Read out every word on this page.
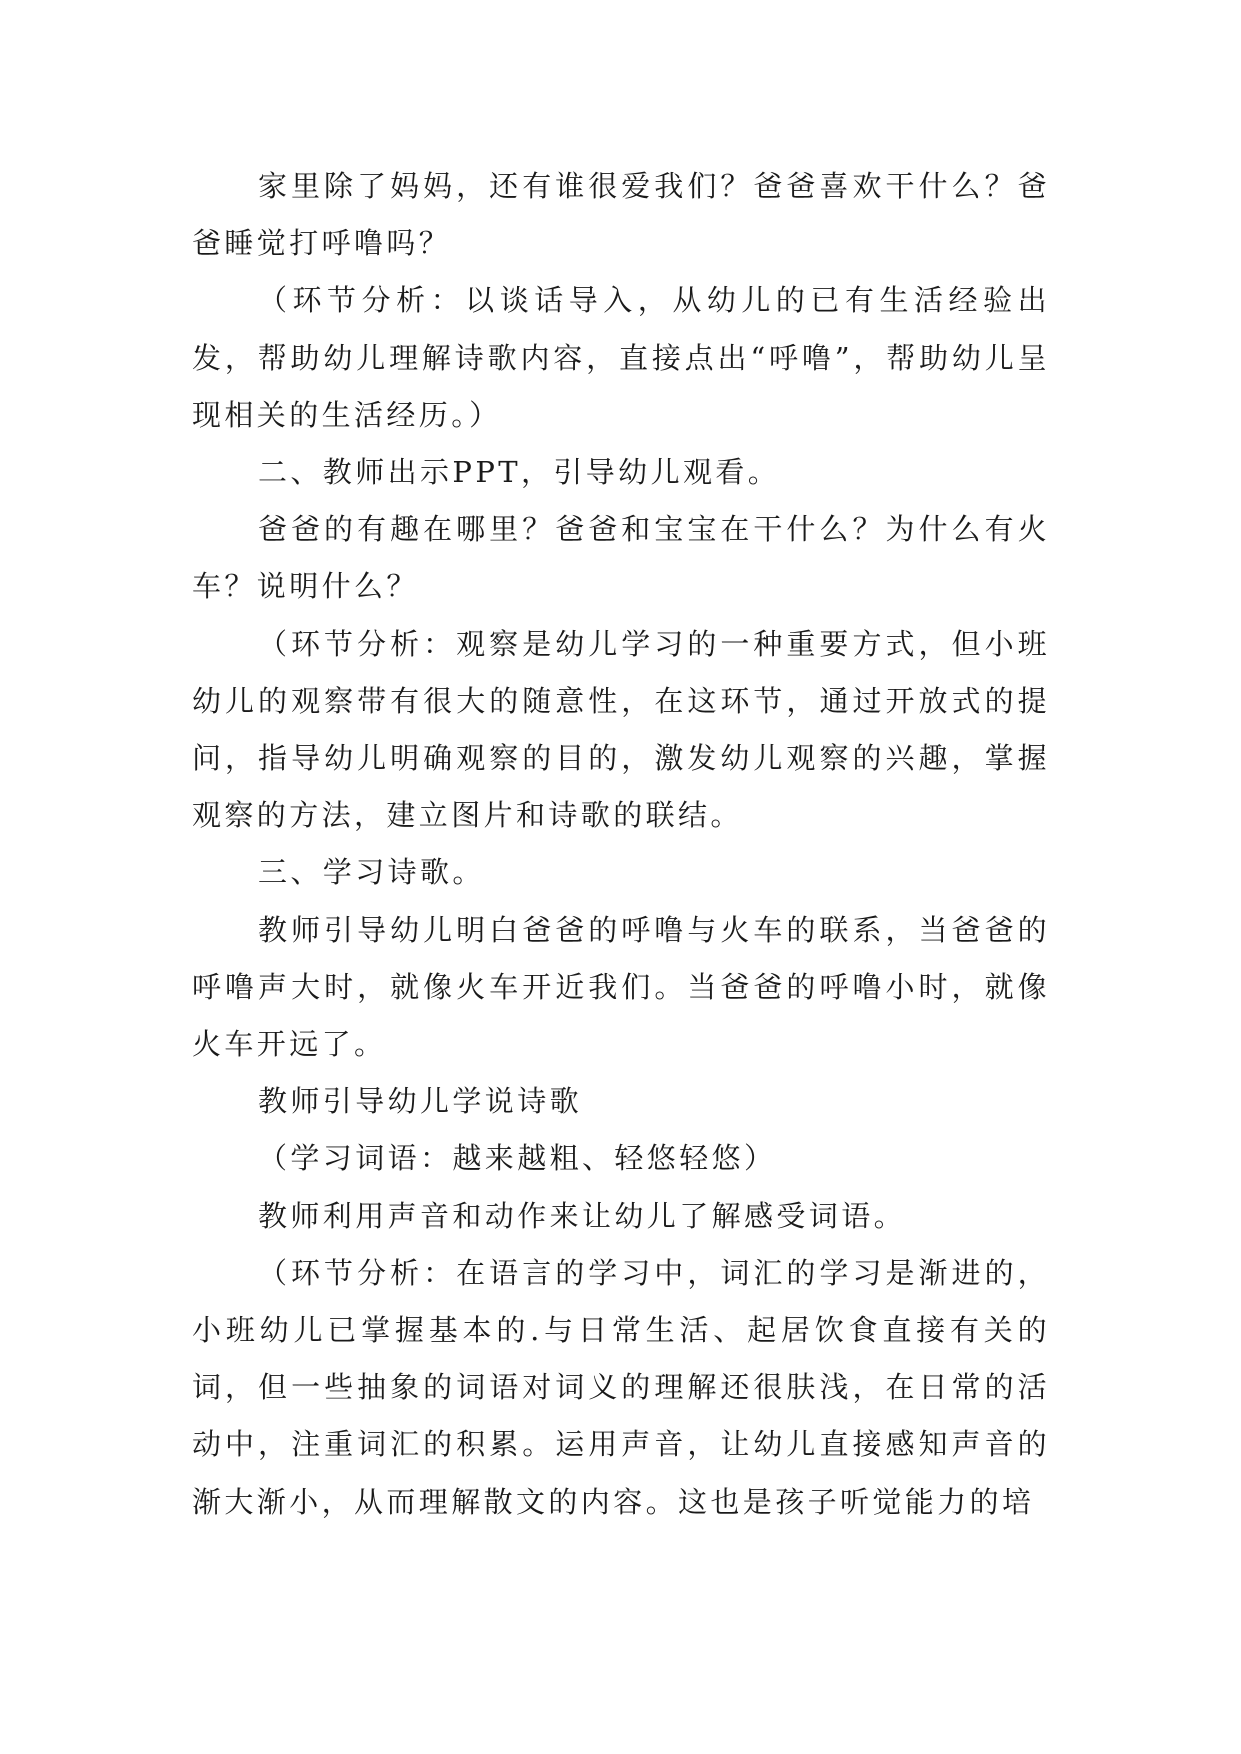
家里除了妈妈，还有谁很爱我们？爸爸喜欢干什么？爸爸睡觉打呼噜吗？

（环节分析：以谈话导入，从幼儿的已有生活经验出发，帮助幼儿理解诗歌内容，直接点出“呼噜”，帮助幼儿呈现相关的生活经历。）

二、教师出示PPT，引导幼儿观看。

爸爸的有趣在哪里？爸爸和宝宝在干什么？为什么有火车？说明什么？

（环节分析：观察是幼儿学习的一种重要方式，但小班幼儿的观察带有很大的随意性，在这环节，通过开放式的提问，指导幼儿明确观察的目的，激发幼儿观察的兴趣，掌握观察的方法，建立图片和诗歌的联结。

三、学习诗歌。

教师引导幼儿明白爸爸的呼噜与火车的联系，当爸爸的呼噜声大时，就像火车开近我们。当爸爸的呼噜小时，就像火车开远了。

教师引导幼儿学说诗歌

（学习词语：越来越粗、轻悠轻悠）

教师利用声音和动作来让幼儿了解感受词语。

（环节分析：在语言的学习中，词汇的学习是渐进的，小班幼儿已掌握基本的.与日常生活、起居饮食直接有关的词，但一些抽象的词语对词义的理解还很肤浅，在日常的活动中，注重词汇的积累。运用声音，让幼儿直接感知声音的渐大渐小，从而理解散文的内容。这也是孩子听觉能力的培
